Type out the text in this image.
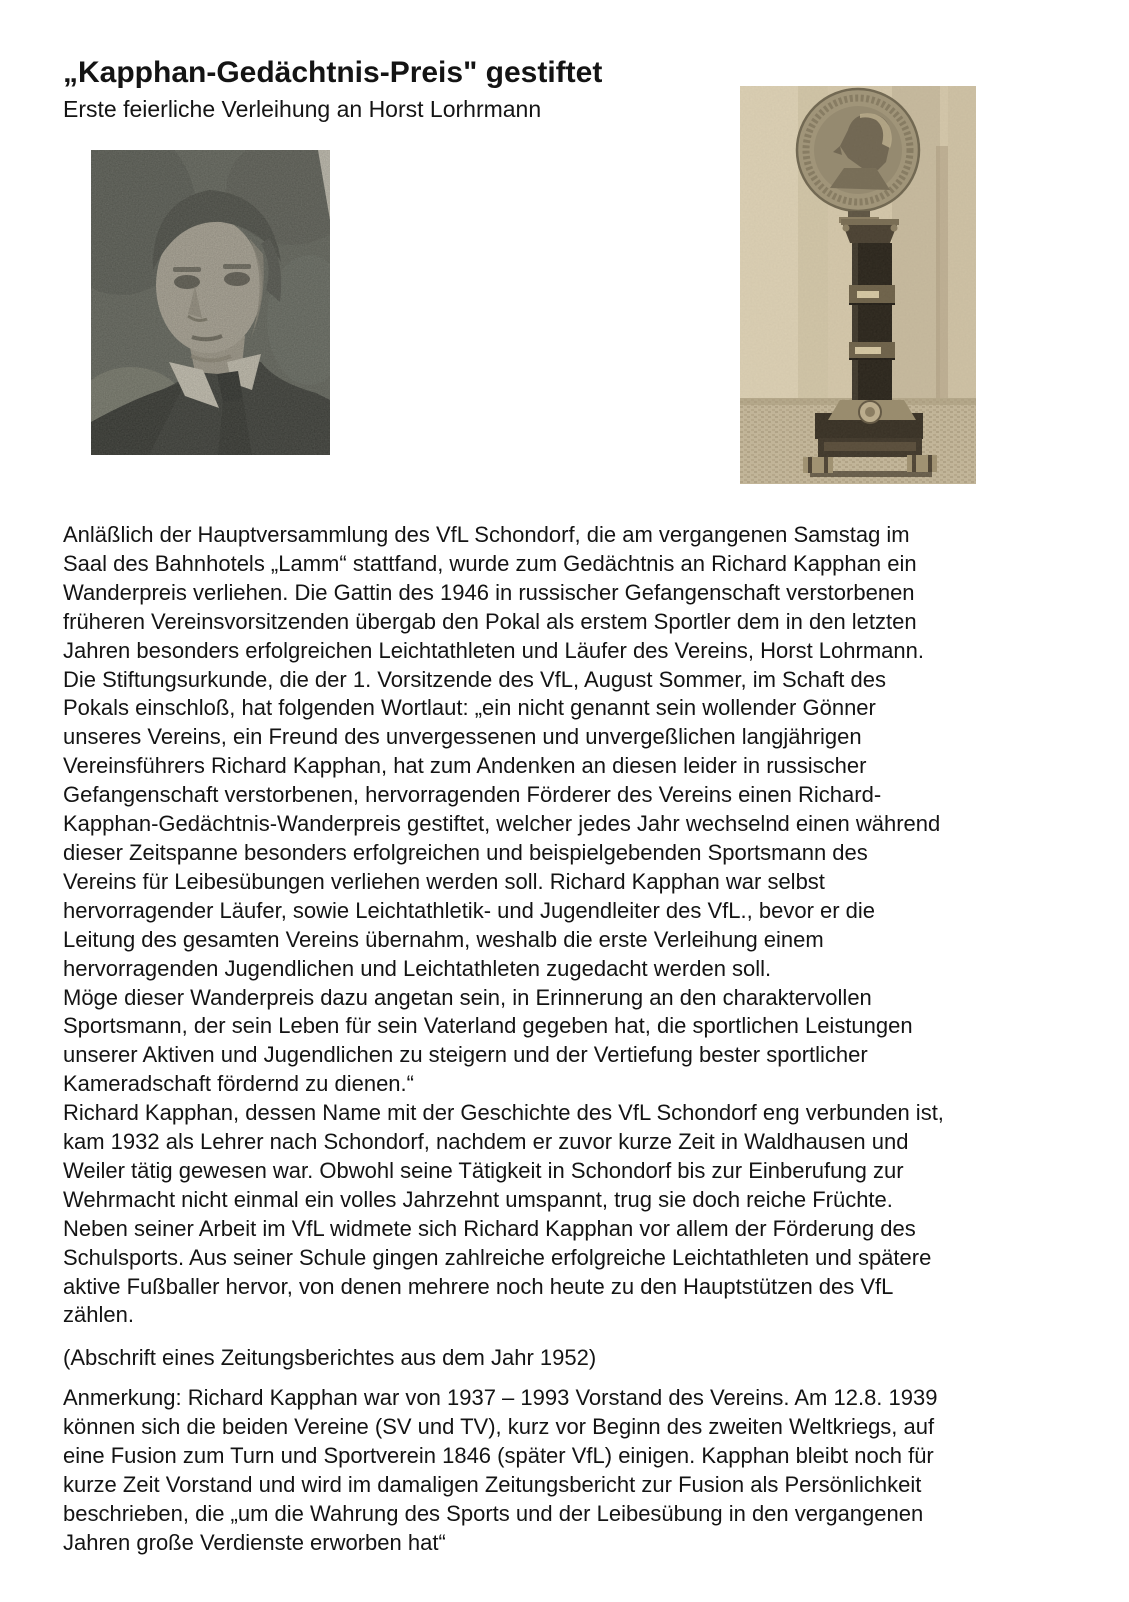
„Kapphan-Gedächtnis-Preis" gestiftet

Erste feierliche Verleihung an Horst Lorhrmann

Anläßlich der Hauptversammlung des VfL Schondorf, die am vergangenen Samstag im
Saal des Bahnhotels „Lamm“ stattfand, wurde zum Gedächtnis an Richard Kapphan ein
Wanderpreis verliehen. Die Gattin des 1946 in russischer Gefangenschaft verstorbenen
früheren Vereinsvorsitzenden übergab den Pokal als erstem Sportler dem in den letzten
Jahren besonders erfolgreichen Leichtathleten und Läufer des Vereins, Horst Lohrmann.
Die Stiftungsurkunde, die der 1. Vorsitzende des VfL, August Sommer, im Schaft des
Pokals einschloß, hat folgenden Wortlaut: „ein nicht genannt sein wollender Gönner
unseres Vereins, ein Freund des unvergessenen und unvergeßlichen langjährigen
Vereinsführers Richard Kapphan, hat zum Andenken an diesen leider in russischer
Gefangenschaft verstorbenen, hervorragenden Förderer des Vereins einen Richard-
Kapphan-Gedächtnis-Wanderpreis gestiftet, welcher jedes Jahr wechselnd einen während
dieser Zeitspanne besonders erfolgreichen und beispielgebenden Sportsmann des
Vereins für Leibesübungen verliehen werden soll. Richard Kapphan war selbst
hervorragender Läufer, sowie Leichtathletik- und Jugendleiter des VfL., bevor er die
Leitung des gesamten Vereins übernahm, weshalb die erste Verleihung einem
hervorragenden Jugendlichen und Leichtathleten zugedacht werden soll.
Möge dieser Wanderpreis dazu angetan sein, in Erinnerung an den charaktervollen
Sportsmann, der sein Leben für sein Vaterland gegeben hat, die sportlichen Leistungen
unserer Aktiven und Jugendlichen zu steigern und der Vertiefung bester sportlicher
Kameradschaft fördernd zu dienen.“
Richard Kapphan, dessen Name mit der Geschichte des VfL Schondorf eng verbunden ist,
kam 1932 als Lehrer nach Schondorf, nachdem er zuvor kurze Zeit in Waldhausen und
Weiler tätig gewesen war. Obwohl seine Tätigkeit in Schondorf bis zur Einberufung zur
Wehrmacht nicht einmal ein volles Jahrzehnt umspannt, trug sie doch reiche Früchte.
Neben seiner Arbeit im VfL widmete sich Richard Kapphan vor allem der Förderung des
Schulsports. Aus seiner Schule gingen zahlreiche erfolgreiche Leichtathleten und spätere
aktive Fußballer hervor, von denen mehrere noch heute zu den Hauptstützen des VfL
zählen.

(Abschrift eines Zeitungsberichtes aus dem Jahr 1952)

Anmerkung: Richard Kapphan war von 1937 – 1993 Vorstand des Vereins. Am 12.8. 1939
können sich die beiden Vereine (SV und TV), kurz vor Beginn des zweiten Weltkriegs, auf
eine Fusion zum Turn und Sportverein 1846 (später VfL) einigen. Kapphan bleibt noch für
kurze Zeit Vorstand und wird im damaligen Zeitungsbericht zur Fusion als Persönlichkeit
beschrieben, die „um die Wahrung des Sports und der Leibesübung in den vergangenen
Jahren große Verdienste erworben hat“
